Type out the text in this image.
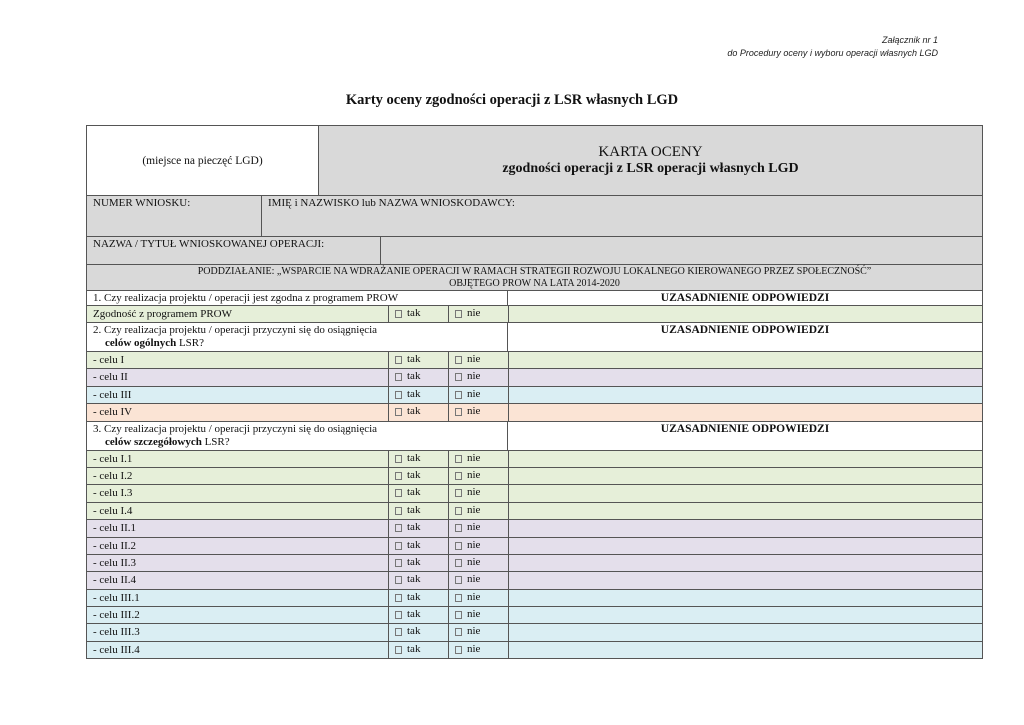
Załącznik nr 1
do Procedury oceny i wyboru operacji własnych LGD
Karty oceny zgodności operacji z LSR własnych LGD
(miejsce na pieczęć LGD)
KARTA OCENY
zgodności operacji z LSR operacji własnych LGD
NUMER WNIOSKU:	IMIĘ i NAZWISKO lub NAZWA WNIOSKODAWCY:
NAZWA / TYTUŁ WNIOSKOWANEJ OPERACJI:
PODDZIAŁANIE: „WSPARCIE NA WDRAŻANIE OPERACJI W RAMACH STRATEGII ROZWOJU LOKALNEGO KIEROWANEGO PRZEZ SPOŁECZNOŚĆ”
OBJĘTEGO PROW NA LATA 2014-2020
1. Czy realizacja projektu / operacji jest zgodna z programem PROW	UZASADNIENIE ODPOWIEDZI
Zgodność z programem PROW	tak	nie
2. Czy realizacja projektu / operacji przyczyni się do osiągnięcia
celów ogólnych LSR?
UZASADNIENIE ODPOWIEDZI
- celu I	tak	nie
- celu II	tak	nie
- celu III	tak	nie
- celu IV	tak	nie
3. Czy realizacja projektu / operacji przyczyni się do osiągnięcia
celów szczegółowych LSR?
UZASADNIENIE ODPOWIEDZI
- celu I.1	tak	nie
- celu I.2	tak	nie
- celu I.3	tak	nie
- celu I.4	tak	nie
- celu II.1	tak	nie
- celu II.2	tak	nie
- celu II.3	tak	nie
- celu II.4	tak	nie
- celu III.1	tak	nie
- celu III.2	tak	nie
- celu III.3	tak	nie
- celu III.4	tak	nie
